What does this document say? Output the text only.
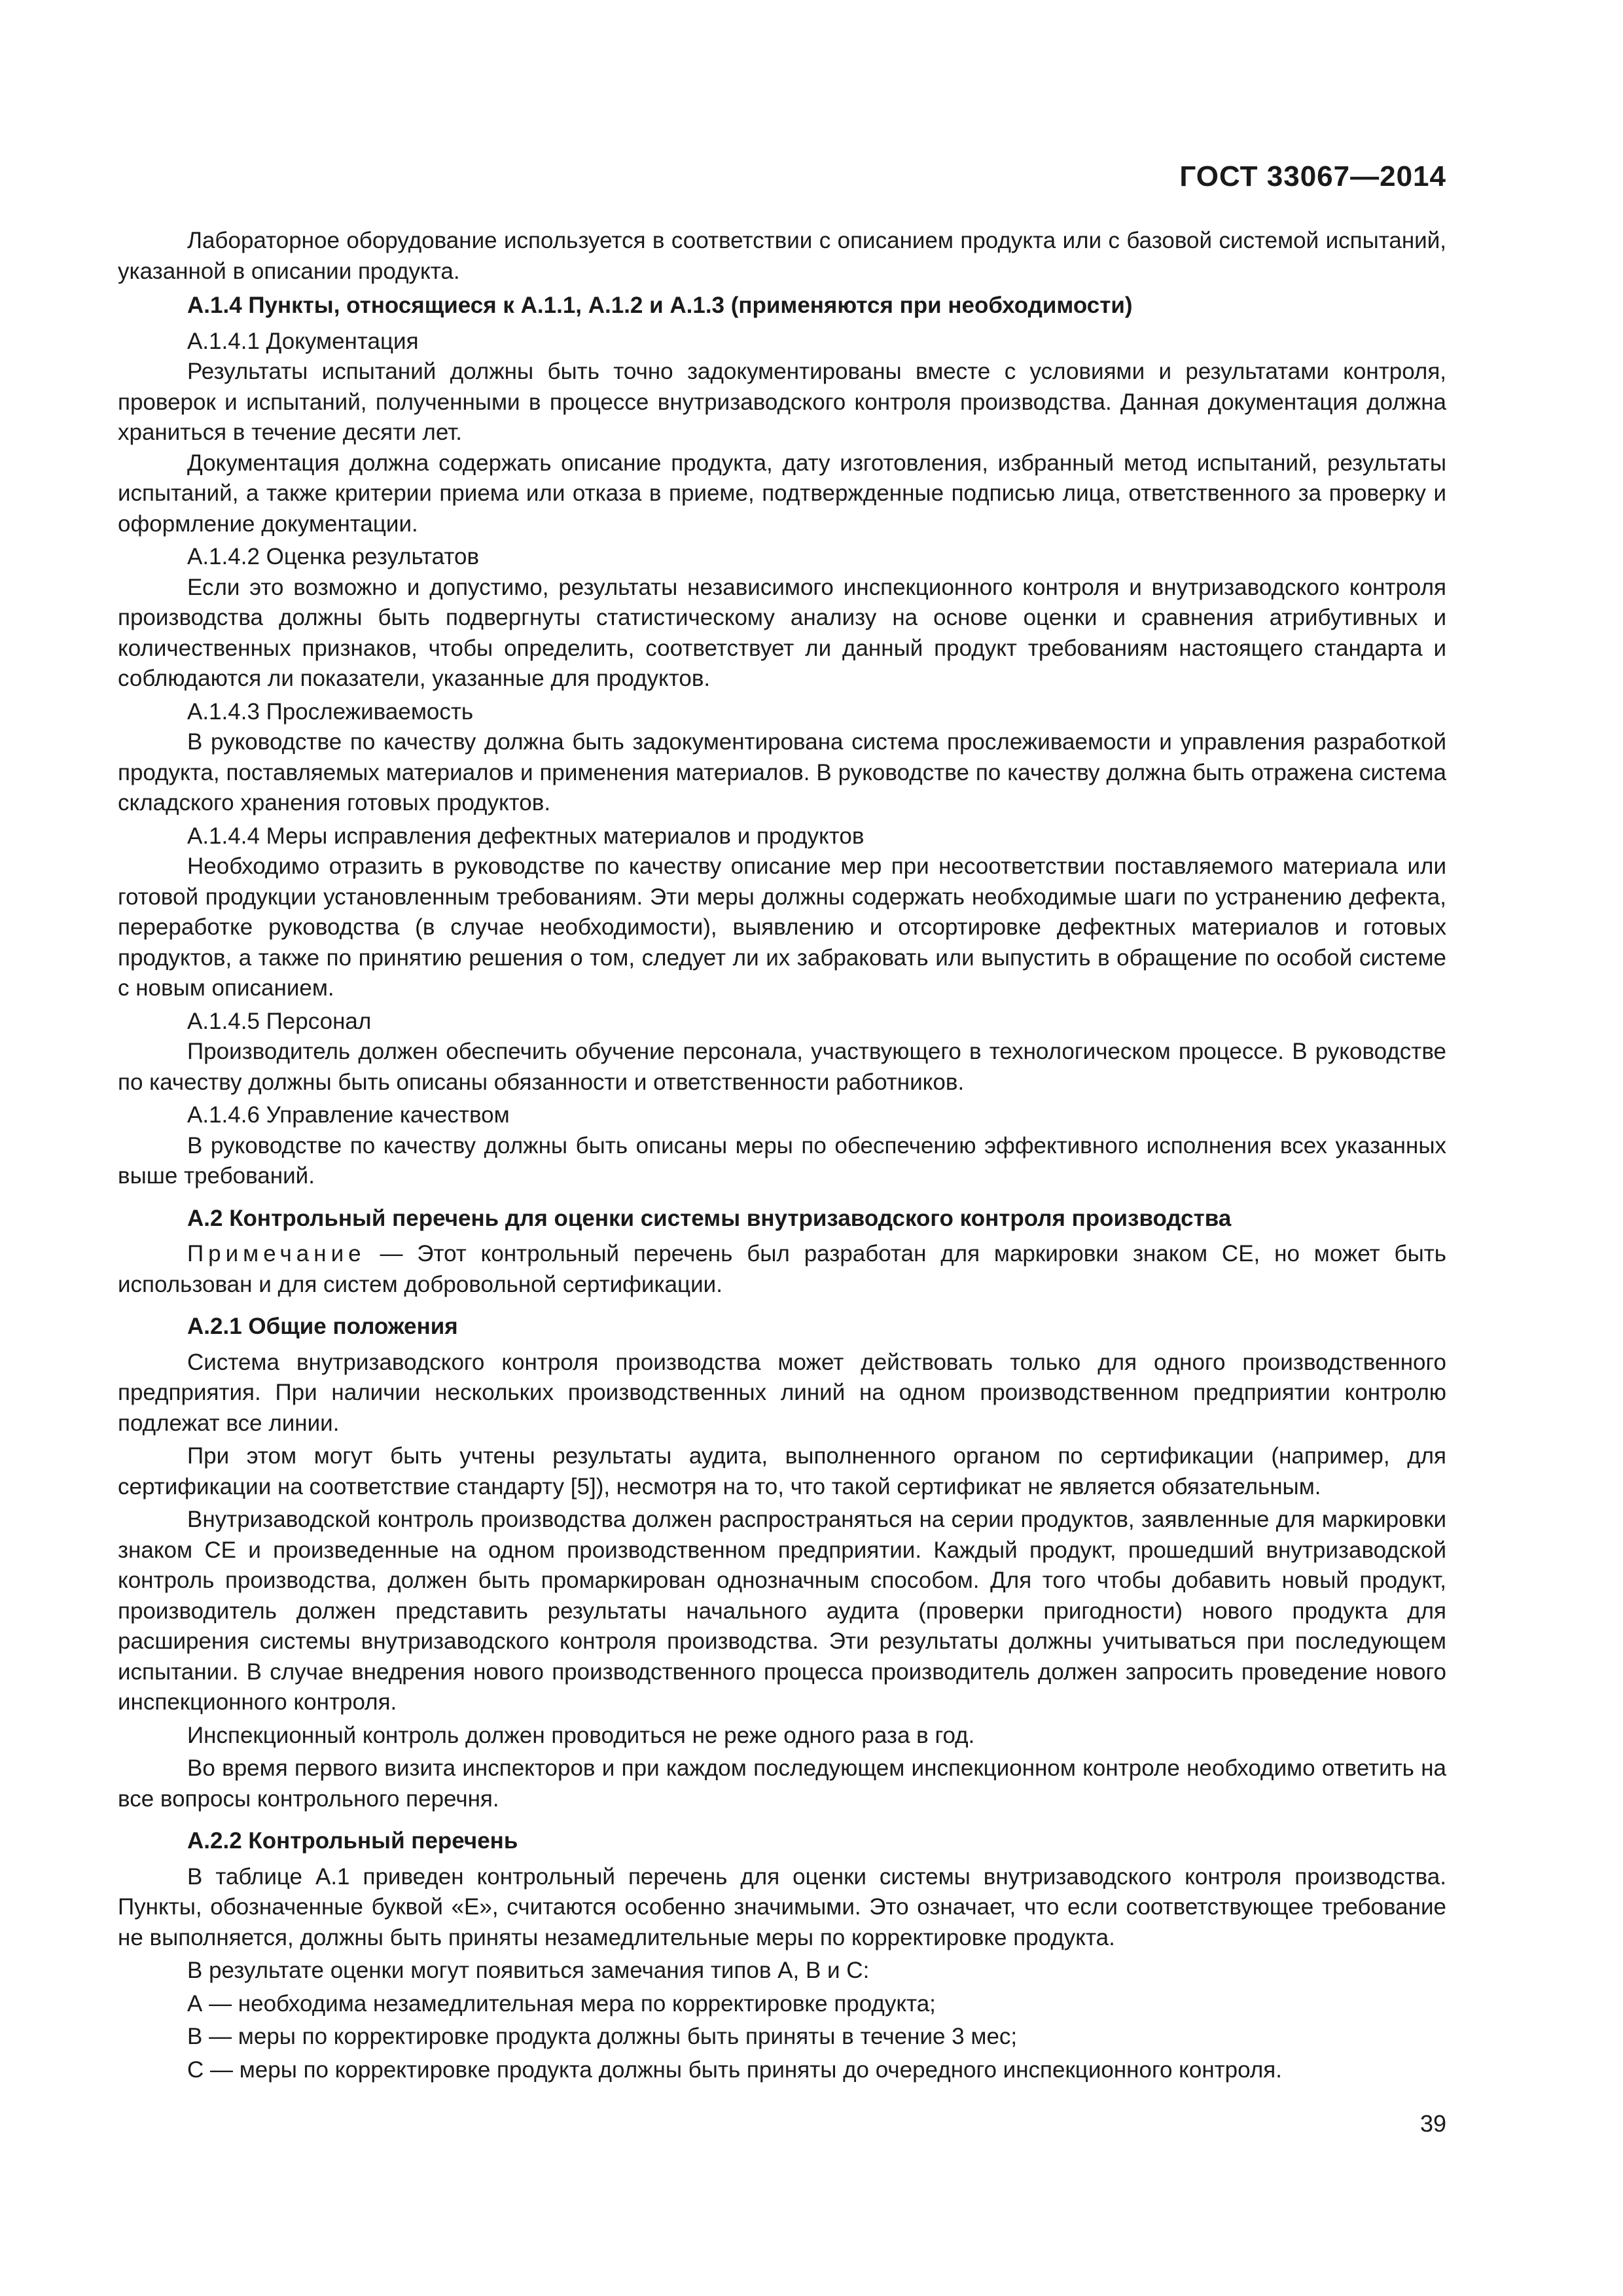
ГОСТ 33067—2014

Лабораторное оборудование используется в соответствии с описанием продукта или с базовой системой испытаний, указанной в описании продукта.

А.1.4 Пункты, относящиеся к А.1.1, А.1.2 и А.1.3 (применяются при необходимости)

А.1.4.1 Документация

Результаты испытаний должны быть точно задокументированы вместе с условиями и результатами контроля, проверок и испытаний, полученными в процессе внутризаводского контроля производства. Данная документация должна храниться в течение десяти лет.

Документация должна содержать описание продукта, дату изготовления, избранный метод испытаний, результаты испытаний, а также критерии приема или отказа в приеме, подтвержденные подписью лица, ответственного за проверку и оформление документации.

А.1.4.2 Оценка результатов

Если это возможно и допустимо, результаты независимого инспекционного контроля и внутризаводского контроля производства должны быть подвергнуты статистическому анализу на основе оценки и сравнения атрибутивных и количественных признаков, чтобы определить, соответствует ли данный продукт требованиям настоящего стандарта и соблюдаются ли показатели, указанные для продуктов.

А.1.4.3 Прослеживаемость

В руководстве по качеству должна быть задокументирована система прослеживаемости и управления разработкой продукта, поставляемых материалов и применения материалов. В руководстве по качеству должна быть отражена система складского хранения готовых продуктов.

А.1.4.4 Меры исправления дефектных материалов и продуктов

Необходимо отразить в руководстве по качеству описание мер при несоответствии поставляемого материала или готовой продукции установленным требованиям. Эти меры должны содержать необходимые шаги по устранению дефекта, переработке руководства (в случае необходимости), выявлению и отсортировке дефектных материалов и готовых продуктов, а также по принятию решения о том, следует ли их забраковать или выпустить в обращение по особой системе с новым описанием.

А.1.4.5 Персонал

Производитель должен обеспечить обучение персонала, участвующего в технологическом процессе. В руководстве по качеству должны быть описаны обязанности и ответственности работников.

А.1.4.6 Управление качеством

В руководстве по качеству должны быть описаны меры по обеспечению эффективного исполнения всех указанных выше требований.

А.2 Контрольный перечень для оценки системы внутризаводского контроля производства

Примечание — Этот контрольный перечень был разработан для маркировки знаком СЕ, но может быть использован и для систем добровольной сертификации.

А.2.1 Общие положения

Система внутризаводского контроля производства может действовать только для одного производственного предприятия. При наличии нескольких производственных линий на одном производственном предприятии контролю подлежат все линии.

При этом могут быть учтены результаты аудита, выполненного органом по сертификации (например, для сертификации на соответствие стандарту [5]), несмотря на то, что такой сертификат не является обязательным.

Внутризаводской контроль производства должен распространяться на серии продуктов, заявленные для маркировки знаком СЕ и произведенные на одном производственном предприятии. Каждый продукт, прошедший внутризаводской контроль производства, должен быть промаркирован однозначным способом. Для того чтобы добавить новый продукт, производитель должен представить результаты начального аудита (проверки пригодности) нового продукта для расширения системы внутризаводского контроля производства. Эти результаты должны учитываться при последующем испытании. В случае внедрения нового производственного процесса производитель должен запросить проведение нового инспекционного контроля.

Инспекционный контроль должен проводиться не реже одного раза в год.

Во время первого визита инспекторов и при каждом последующем инспекционном контроле необходимо ответить на все вопросы контрольного перечня.

А.2.2 Контрольный перечень

В таблице А.1 приведен контрольный перечень для оценки системы внутризаводского контроля производства. Пункты, обозначенные буквой «Е», считаются особенно значимыми. Это означает, что если соответствующее требование не выполняется, должны быть приняты незамедлительные меры по корректировке продукта.

В результате оценки могут появиться замечания типов А, В и С:

А — необходима незамедлительная мера по корректировке продукта;

В — меры по корректировке продукта должны быть приняты в течение 3 мес;

С — меры по корректировке продукта должны быть приняты до очередного инспекционного контроля.

39
